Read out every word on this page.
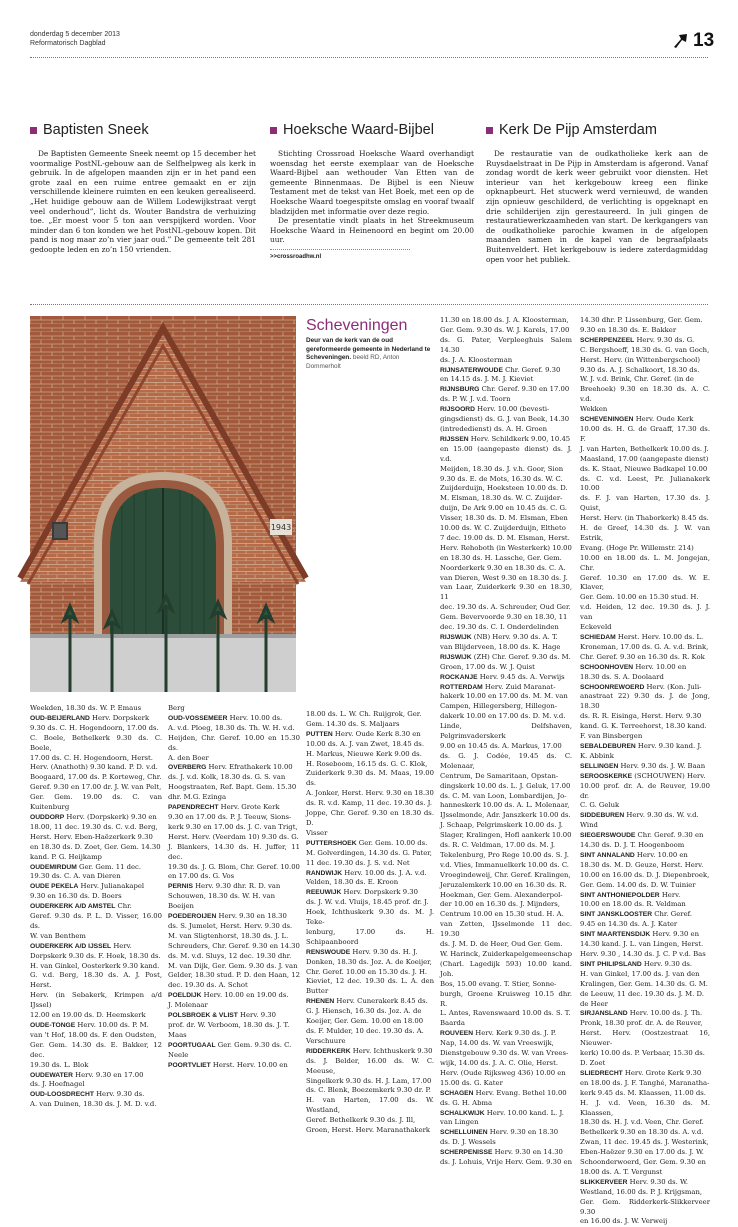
donderdag 5 december 2013
Reformatorisch Dagblad	13
Baptisten Sneek

De Baptisten Gemeente Sneek neemt op 15 december het voormalige PostNL-gebouw aan de Selfhelpweg als kerk in gebruik. In de afgelopen maanden zijn er in het pand een grote zaal en een ruime entree gemaakt en er zijn verschillende kleinere ruimten en een keuken gerealiseerd. „Het huidige gebouw aan de Willem Lodewijkstraat vergt veel onderhoud”, licht ds. Wouter Bandstra de verhuizing toe. „Er moest voor 5 ton aan verspijkerd worden. Voor minder dan 6 ton konden we het PostNL-gebouw kopen. Dit pand is nog maar zo’n vier jaar oud.” De gemeente telt 281 gedoopte leden en zo’n 150 vrienden.

Hoeksche Waard-Bijbel

Stichting Crossroad Hoeksche Waard overhandigt woensdag het eerste exemplaar van de Hoeksche Waard-Bijbel aan wethouder Van Etten van de gemeente Binnenmaas. De Bijbel is een Nieuw Testament met de tekst van Het Boek, met een op de Hoeksche Waard toegespitste omslag en vooraf twaalf bladzijden met informatie over deze regio.

De presentatie vindt plaats in het Streekmuseum Hoeksche Waard in Heinenoord en begint om 20.00 uur.

>>crossroadhw.nl
Kerk De Pijp Amsterdam

De restauratie van de oudkatholieke kerk aan de Ruysdaelstraat in De Pijp in Amsterdam is afgerond. Vanaf zondag wordt de kerk weer gebruikt voor diensten. Het interieur van het kerkgebouw kreeg een flinke opknapbeurt. Het stucwerk werd vernieuwd, de wanden zijn opnieuw geschilderd, de verlichting is opgeknapt en drie schilderijen zijn gerestaureerd. In juli gingen de restauratiewerkzaamheden van start. De kerkgangers van de oudkatholieke parochie kwamen in de afgelopen maanden samen in de kapel van de begraafplaats Buitenveldert. Het kerkgebouw is iedere zaterdagmiddag open voor het publiek.

1943
Scheveningen
Deur van de kerk van de oud gereformeerde gemeente in Nederland te Scheveningen. beeld RD, Anton Dommerholt
11.30 en 18.00 ds. J. A. Kloosterman,
Ger. Gem. 9.30 ds. W. J. Karels, 17.00
ds. G. Pater, Verpleeghuis Salem 14.30
ds. J. A. Kloosterman
RIJNSATERWOUDE Chr. Geref. 9.30
en 14.15 ds. J. M. J. Kieviet
RIJNSBURG Chr. Geref. 9.30 en 17.00
ds. P. W. J. v.d. Toorn
RIJSOORD Herv. 10.00 (bevesti-
gingsdienst) ds. G. J. van Beek, 14.30
(intrededienst) ds. A. H. Groen
RIJSSEN Herv. Schildkerk 9.00, 10.45
en 15.00 (aangepaste dienst) ds. J. v.d.
Meijden, 18.30 ds. J. v.h. Goor, Sion
9.30 ds. E. de Mots, 16.30 ds. W. C.
Zuijderduijn, Hoeksteen 10.00 ds. D.
M. Elsman, 18.30 ds. W. C. Zuijder-
duijn, De Ark 9.00 en 10.45 ds. C. G.
Visser, 18.30 ds. D. M. Elsman, Eben
10.00 ds. W. C. Zuijderduijn, Elthetо
7 dec. 19.00 ds. D. M. Elsman, Herst.
Herv. Rehoboth (in Westerkerk) 10.00
en 18.30 ds. H. Lassche, Ger. Gem.
Noorderkerk 9.30 en 18.30 ds. C. A.
van Dieren, West 9.30 en 18.30 ds. J.
van Laar, Zuiderkerk 9.30 en 18.30, 11
dec. 19.30 ds. A. Schreuder, Oud Ger.
Gem. Bevervoorde 9.30 en 18.30, 11
dec. 19.30 ds. C. I. Onderdelinden
RIJSWIJK (NB) Herv. 9.30 ds. A. T.
van Blijderveen, 18.00 ds. K. Hage
RIJSWIJK (ZH) Chr. Geref. 9.30 ds. M.
Groen, 17.00 ds. W. J. Quist
ROCKANJE Herv. 9.45 ds. A. Verwijs
ROTTERDAM Herv. Zuid Maranat-
hakerk 10.00 en 17.00 ds. M. M. van
Campen, Hillegersberg, Hillegon-
dakerk 10.00 en 17.00 ds. D. M. v.d.
Linde, Delfshaven, Pelgrimvaderskerk
9.00 en 10.45 ds. A. Markus, 17.00
ds. G. J. Codée, 19.45 ds. C. Molenaar,
Centrum, De Samaritaan, Opstan-
dingskerk 10.00 ds. L. J. Geluk, 17.00
ds. C. M. van Loon, Lombardijen, Jo-
hanneskerk 10.00 ds. A. L. Molenaar,
IJsselmonde, Adr. Janszkerk 10.00 ds.
J. Schaap, Pelgrimskerk 10.00 ds. J.
Slager, Kralingen, Hofl aankerk 10.00
ds. R. C. Veldman, 17.00 ds. M. J.
Tekelenburg, Pro Rege 10.00 ds. S. J.
v.d. Vlies, Immanuelkerk 10.00 ds. C.
Vroegindeweij, Chr. Geref. Kralingen,
Jeruzalemkerk 10.00 en 16.30 ds. R.
Hoekman, Ger. Gem. Alexanderpol-
der 10.00 en 16.30 ds. J. Mijnders,
Centrum 10.00 en 15.30 stud. H. A.
van Zetten, IJsselmonde 11 dec. 19.30
ds. J. M. D. de Heer, Oud Ger. Gem.
W. Harinck, Zuiderkapelgemeenschap
(Charl. Lagedijk 593) 10.00 kand. Joh.
Bos, 15.00 evang. T. Stier, Sonne-
burgh, Groene Kruisweg 10.15 dhr. R.
L. Antes, Ravenswaard 10.00 ds. S. T.
Baarda
ROUVEEN Herv. Kerk 9.30 ds. J. P.
Nap, 14.00 ds. W. van Vreeswijk,
Dienstgebouw 9.30 ds. W. van Vrees-
wijk, 14.00 ds. J. A. C. Olie, Herst.
Herv. (Oude Rijksweg 436) 10.00 en
15.00 ds. G. Kater
SCHAGEN Herv. Evang. Bethel 10.00
ds. G. H. Abma
SCHALKWIJK Herv. 10.00 kand. L. J.
van Lingen
SCHELLUINEN Herv. 9.30 en 18.30
ds. D. J. Wessels
SCHERPENISSE Herv. 9.30 en 14.30
ds. J. Lohuis, Vrije Herv. Gem. 9.30 en
14.30 dhr. P. Lissenburg, Ger. Gem.
9.30 en 18.30 ds. E. Bakker
SCHERPENZEEL Herv. 9.30 ds. G.
C. Bergshoeff, 18.30 ds. G. van Goch,
Herst. Herv. (in Wittenbergschool)
9.30 ds. A. J. Schalkoort, 18.30 ds.
W. J. v.d. Brink, Chr. Geref. (in de
Breehoek) 9.30 en 18.30 ds. A. C. v.d.
Wekken
SCHEVENINGEN Herv. Oude Kerk
10.00 ds. H. G. de Graaff, 17.30 ds. F.
J. van Harten, Bethelkerk 10.00 ds. J.
Maasland, 17.00 (aangepaste dienst)
ds. K. Staat, Nieuwe Badkapel 10.00
ds. C. v.d. Leest, Pr. Julianakerk 10.00
ds. F. J. van Harten, 17.30 ds. J. Quist,
Herst. Herv. (in Thaborkerk) 8.45 ds.
H. de Greef, 14.30 ds. J. W. van Estrik,
Evang. (Hoge Pr. Willemstr. 214)
10.00 en 18.00 ds. L. M. Jongejan, Chr.
Geref. 10.30 en 17.00 ds. W. E. Klaver,
Ger. Gem. 10.00 en 15.30 stud. H.
v.d. Heiden, 12 dec. 19.30 ds. J. J. van
Eckeveld
SCHIEDAM Herst. Herv. 10.00 ds. L.
Kroneman, 17.00 ds. G. A. v.d. Brink,
Chr. Geref. 9.30 en 16.30 ds. R. Kok
SCHOONHOVEN Herv. 10.00 en
18.30 ds. S. A. Doolaard
SCHOONREWOERD Herv. (Kon. Juli-
anastraat 22) 9.30 ds. J. de Jong, 18.30
ds. R. R. Eisinga, Herst. Herv. 9.30
kand. G. K. Terreehorst, 18.30 kand.
F. van Binsbergen
SEBALDEBUREN Herv. 9.30 kand. J.
K. Abbink
SELLINGEN Herv. 9.30 ds. J. W. Baan
SEROOSKERKE (SCHOUWEN) Herv.
10.00 prof. dr. A. de Reuver, 19.00 dr.
C. G. Geluk
SIDDEBUREN Herv. 9.30 ds. W. v.d.
Wind
SIEGERSWOUDE Chr. Geref. 9.30 en
14.30 ds. D. J. T. Hoogenboom
SINT ANNALAND Herv. 10.00 en
18.30 ds. M. D. Geuze, Herst. Herv.
10.00 en 16.00 ds. D. J. Diepenbroek,
Ger. Gem. 14.00 ds. D. W. Tuinier
SINT ANTHONIEPOLDER Herv.
10.00 en 18.00 ds. R. Veldman
SINT JANSKLOOSTER Chr. Geref.
9.45 en 14.30 ds. A. J. Kater
SINT MAARTENSDIJK Herv. 9.30 en
14.30 kand. J. L. van Lingen, Herst.
Herv. 9.30 , 14.30 ds. J. C. P v.d. Bas
SINT PHILIPSLAND Herv. 9.30 ds.
H. van Ginkel, 17.00 ds. J. van den
Kralingen, Ger. Gem. 14.30 ds. G. M.
de Leeuw, 11 dec. 19.30 ds. J. M. D.
de Heer
SIRJANSLAND Herv. 10.00 ds. J. Th.
Pronk, 18.30 prof. dr. A. de Reuver,
Herst. Herv. (Oostzestraat 16, Nieuwer-
kerk) 10.00 ds. P. Verbaar, 15.30 ds.
D. Zoet
SLIEDRECHT Herv. Grote Kerk 9.30
en 18.00 ds. J. F. Tanghé, Maranatha-
kerk 9.45 ds. M. Klaassen, 11.00 ds.
H. J. v.d. Veen, 16.30 ds. M. Klaassen,
18.30 ds. H. J. v.d. Veen, Chr. Geref.
Bethelkerk 9.30 en 18.30 ds. A. v.d.
Zwan, 11 dec. 19.45 ds. J. Westerink,
Eben-Haëzer 9.30 en 17.00 ds. J. W.
Schoonderwoerd, Ger. Gem. 9.30 en
18.00 ds. A. T. Vergunst
SLIKKERVEER Herv. 9.30 ds. W.
Westland, 16.00 ds. P. J. Krijgsman,
Ger. Gem. Ridderkerk-Slikkerveer 9.30
en 16.00 ds. J. W. Verweij
Weekden, 18.30 ds. W. P. Emaus
OUD-BEIJERLAND Herv. Dorpskerk
9.30 ds. C. H. Hogendoorn, 17.00 ds.
C. Boele, Bethelkerk 9.30 ds. C. Boele,
17.00 ds. C. H. Hogendoorn, Herst.
Herv. (Anathoth) 9.30 kand. P. D. v.d.
Boogaard, 17.00 ds. P. Korteweg, Chr.
Geref. 9.30 en 17.00 dr. J. W. van Pelt,
Ger. Gem. 19.00 ds. C. van Kuitenburg
OUDDORP Herv. (Dorpskerk) 9.30 en
18.00, 11 dec. 19.30 ds. C. v.d. Berg,
Herst. Herv. Eben-Haëzerkerk 9.30
en 18.30 ds. D. Zoet, Ger. Gem. 14.30
kand. P. G. Heijkamp
OUDEMIRDUM Ger. Gem. 11 dec.
19.30 ds. C. A. van Dieren
OUDE PEKELA Herv. Julianakapel
9.30 en 16.30 ds. D. Boers
OUDERKERK A/D AMSTEL Chr.
Geref. 9.30 ds. P. L. D. Visser, 16.00 ds.
W. van Benthem
OUDERKERK A/D IJSSEL Herv.
Dorpskerk 9.30 ds. F. Hoek, 18.30 ds.
H. van Ginkel, Oosterkerk 9.30 kand.
G. v.d. Berg, 18.30 ds. A. J. Post, Herst.
Herv. (in Sebakerk, Krimpen a/d IJssel)
12.00 en 19.00 ds. D. Heemskerk
OUDE-TONGE Herv. 10.00 ds. P. M.
van 't Hof, 18.00 ds. F. den Oudsten,
Ger. Gem. 14.30 ds. E. Bakker, 12 dec.
19.30 ds. L. Blok
OUDEWATER Herv. 9.30 en 17.00
ds. J. Hoefnagel
OUD-LOOSDRECHT Herv. 9.30 ds.
A. van Duinen, 18.30 ds. J. M. D. v.d.
Berg
OUD-VOSSEMEER Herv. 10.00 ds.
A. v.d. Ploeg, 18.30 ds. Th. W. H. v.d.
Heijden, Chr. Geref. 10.00 en 15.30 ds.
A. den Boer
OVERBERG Herv. Efrathakerk 10.00
ds. J. v.d. Kolk, 18.30 ds. G. S. van
Hoogstraaten, Ref. Bapt. Gem. 15.30
dhr. M.G. Ezinga
PAPENDRECHT Herv. Grote Kerk
9.30 en 17.00 ds. P. J. Teeuw, Sions-
kerk 9.30 en 17.00 ds. J. C. van Trigt,
Herst. Herv. (Veerdam 10) 9.30 ds. G.
J. Blankers, 14.30 ds. H. Juffer, 11 dec.
19.30 ds. J. G. Blom, Chr. Geref. 10.00
en 17.00 ds. G. Vos
PERNIS Herv. 9.30 dhr. R. D. van
Schouwen, 18.30 ds. W. H. van
Boeijen
POEDEROIJEN Herv. 9.30 en 18.30
ds. S. Jumelet, Herst. Herv. 9.30 ds.
M. van Sligtenhorst, 18.30 ds. J. L.
Schreuders, Chr. Geref. 9.30 en 14.30
ds. M. v.d. Sluys, 12 dec. 19.30 dhr.
M. van Dijk, Ger. Gem. 9.30 ds. J. van
Gelder, 18.30 stud. P. D. den Haan, 12
dec. 19.30 ds. A. Schot
POELDIJK Herv. 10.00 en 19.00 ds.
J. Molenaar
POLSBROEK & VLIST Herv. 9.30
prof. dr. W. Verboom, 18.30 ds. J. T.
Maas
POORTUGAAL Ger. Gem. 9.30 ds. C.
Neele
POORTVLIET Herst. Herv. 10.00 en
18.00 ds. L. W. Ch. Ruijgrok, Ger.
Gem. 14.30 ds. S. Maljaars
PUTTEN Herv. Oude Kerk 8.30 en
10.00 ds. A. J. van Zwet, 18.45 ds.
H. Markus, Nieuwe Kerk 9.00 ds.
H. Roseboom, 16.15 ds. G. C. Klok,
Zuiderkerk 9.30 ds. M. Maas, 19.00 ds.
A. Jonker, Herst. Herv. 9.30 en 18.30
ds. R. v.d. Kamp, 11 dec. 19.30 ds. J.
Joppe, Chr. Geref. 9.30 en 18.30 ds. D.
Visser
PUTTERSHOEK Ger. Gem. 10.00 ds.
M. Golverdingen, 14.30 ds. G. Pater,
11 dec. 19.30 ds. J. S. v.d. Net
RANDWIJK Herv. 10.00 ds. J. A. v.d.
Velden, 18.30 ds. E. Kroon
REEUWIJK Herv. Dorpskerk 9.30
ds. J. W. v.d. Vluijs, 18.45 prof. dr. J.
Hoek, Ichthuskerk 9.30 ds. M. J. Teke-
lenburg, 17.00 ds. H. Schipaanboord
RENSWOUDE Herv. 9.30 ds. H. J.
Donken, 18.30 ds. Joz. A. de Koeijer,
Chr. Geref. 10.00 en 15.30 ds. J. H.
Kieviet, 12 dec. 19.30 ds. L. A. den Butter
RHENEN Herv. Cunerakerk 8.45 ds.
G. J. Hiensch, 16.30 ds. Joz. A. de
Koeijer, Ger. Gem. 10.00 en 18.00
ds. F. Mulder, 10 dec. 19.30 ds. A.
Verschuure
RIDDERKERK Herv. Ichthuskerk 9.30
ds. J. Belder, 16.00 ds. W. C. Meeuse,
Singelkerk 9.30 ds. H. J. Lam, 17.00
ds. C. Blenk, Boezemkerk 9.30 dr. P.
H. van Harten, 17.00 ds. W. Westland,
Geref. Bethelkerk 9.30 ds. J. Ill,
Groen, Herst. Herv. Maranathakerk
